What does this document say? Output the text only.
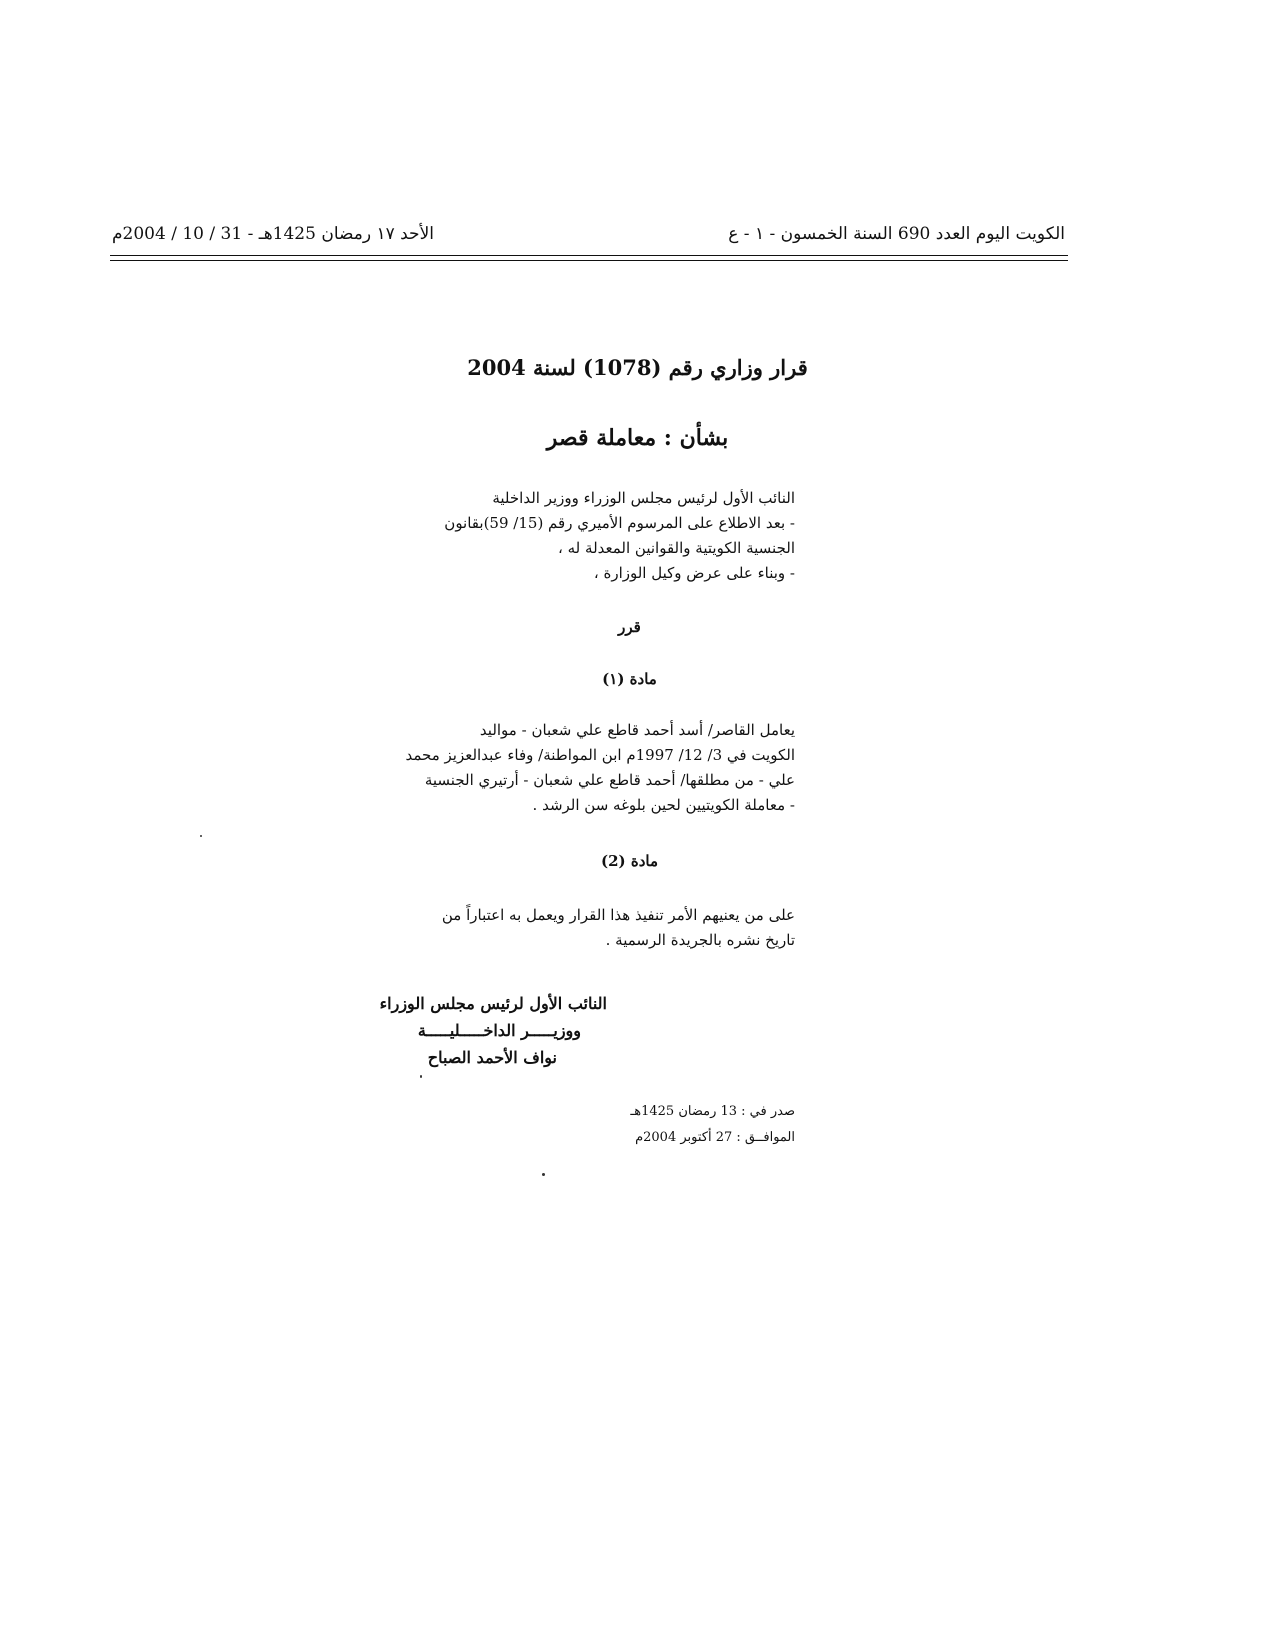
الكويت اليوم العدد 690 السنة الخمسون - ١ - ع
الأحد ١٧ رمضان 1425هـ - 31 / 10 / 2004م
قرار وزاري رقم (1078) لسنة 2004
بشأن : معاملة قصر

النائب الأول لرئيس مجلس الوزراء ووزير الداخلية

- بعد الاطلاع على المرسوم الأميري رقم (15/ 59)بقانون

الجنسية الكويتية والقوانين المعدلة له ،

- وبناء على عرض وكيل الوزارة ،

قرر
مادة (١)

يعامل القاصر/ أسد أحمد قاطع علي شعبان - مواليد

الكويت في 3/ 12/ 1997م ابن المواطنة/ وفاء عبدالعزيز محمد

علي - من مطلقها/ أحمد قاطع علي شعبان - أرتيري الجنسية

- معاملة الكويتيين لحين بلوغه سن الرشد .

مادة (2)

على من يعنيهم الأمر تنفيذ هذا القرار ويعمل به اعتباراً من

تاريخ نشره بالجريدة الرسمية .

النائب الأول لرئيس مجلس الوزراء

ووزيـــــر الداخـــــليـــــة

نواف الأحمد الصباح

صدر في : 13 رمضان 1425هـ

الموافــق : 27 أكتوبر 2004م
